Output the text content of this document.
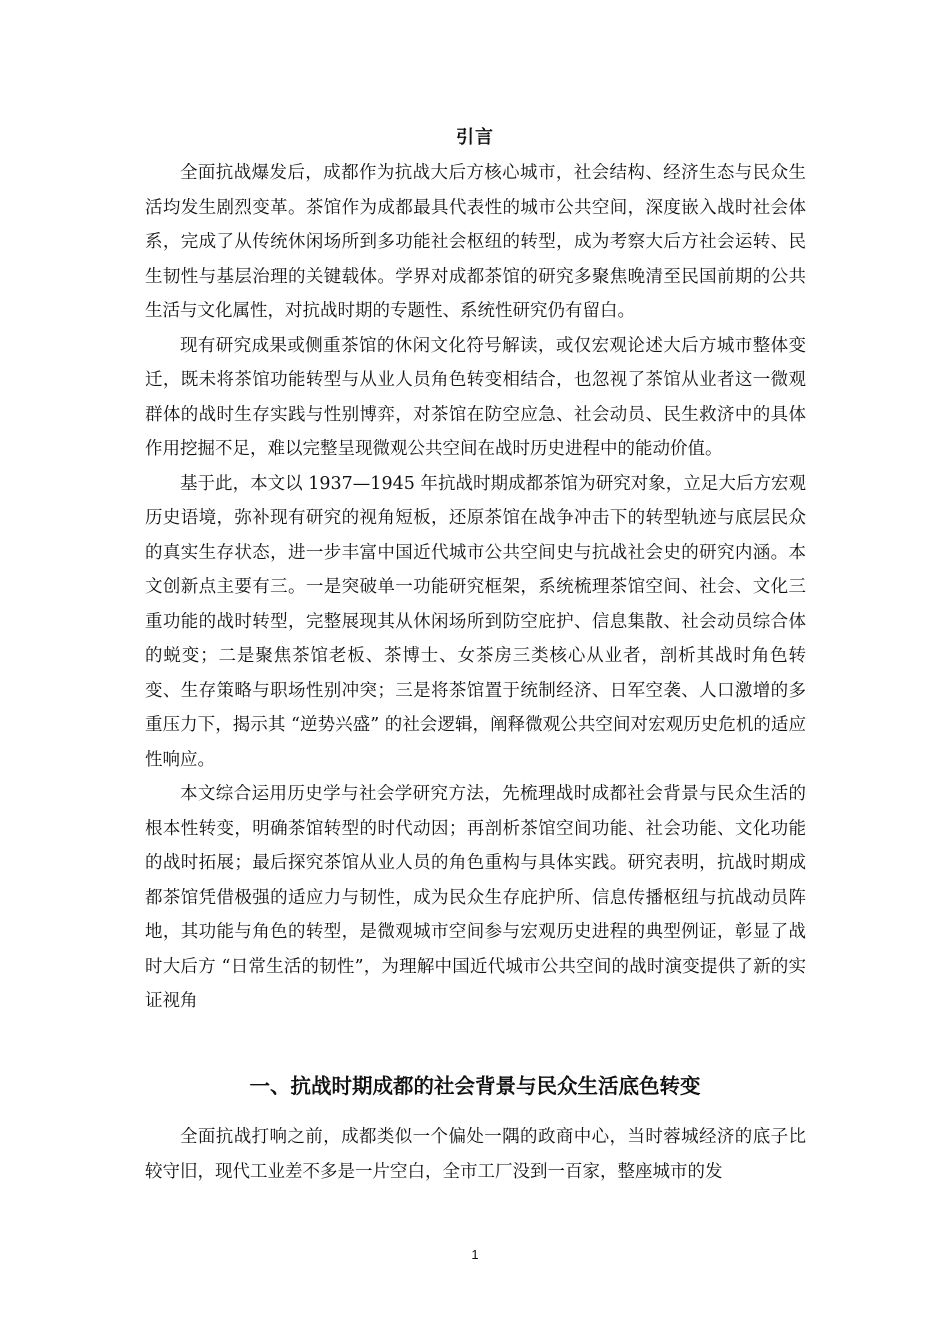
引言

全面抗战爆发后，成都作为抗战大后方核心城市，社会结构、经济生态与民众生活均发生剧烈变革。茶馆作为成都最具代表性的城市公共空间，深度嵌入战时社会体系，完成了从传统休闲场所到多功能社会枢纽的转型，成为考察大后方社会运转、民生韧性与基层治理的关键载体。学界对成都茶馆的研究多聚焦晚清至民国前期的公共生活与文化属性，对抗战时期的专题性、系统性研究仍有留白。

现有研究成果或侧重茶馆的休闲文化符号解读，或仅宏观论述大后方城市整体变迁，既未将茶馆功能转型与从业人员角色转变相结合，也忽视了茶馆从业者这一微观群体的战时生存实践与性别博弈，对茶馆在防空应急、社会动员、民生救济中的具体作用挖掘不足，难以完整呈现微观公共空间在战时历史进程中的能动价值。

基于此，本文以 1937—1945 年抗战时期成都茶馆为研究对象，立足大后方宏观历史语境，弥补现有研究的视角短板，还原茶馆在战争冲击下的转型轨迹与底层民众的真实生存状态，进一步丰富中国近代城市公共空间史与抗战社会史的研究内涵。本文创新点主要有三。一是突破单一功能研究框架，系统梳理茶馆空间、社会、文化三重功能的战时转型，完整展现其从休闲场所到防空庇护、信息集散、社会动员综合体的蜕变；二是聚焦茶馆老板、茶博士、女茶房三类核心从业者，剖析其战时角色转变、生存策略与职场性别冲突；三是将茶馆置于统制经济、日军空袭、人口激增的多重压力下，揭示其 “逆势兴盛” 的社会逻辑，阐释微观公共空间对宏观历史危机的适应性响应。

本文综合运用历史学与社会学研究方法，先梳理战时成都社会背景与民众生活的根本性转变，明确茶馆转型的时代动因；再剖析茶馆空间功能、社会功能、文化功能的战时拓展；最后探究茶馆从业人员的角色重构与具体实践。研究表明，抗战时期成都茶馆凭借极强的适应力与韧性，成为民众生存庇护所、信息传播枢纽与抗战动员阵地，其功能与角色的转型，是微观城市空间参与宏观历史进程的典型例证，彰显了战时大后方 “日常生活的韧性”，为理解中国近代城市公共空间的战时演变提供了新的实证视角

一、抗战时期成都的社会背景与民众生活底色转变

全面抗战打响之前，成都类似一个偏处一隅的政商中心，当时蓉城经济的底子比较守旧，现代工业差不多是一片空白，全市工厂没到一百家，整座城市的发

1
